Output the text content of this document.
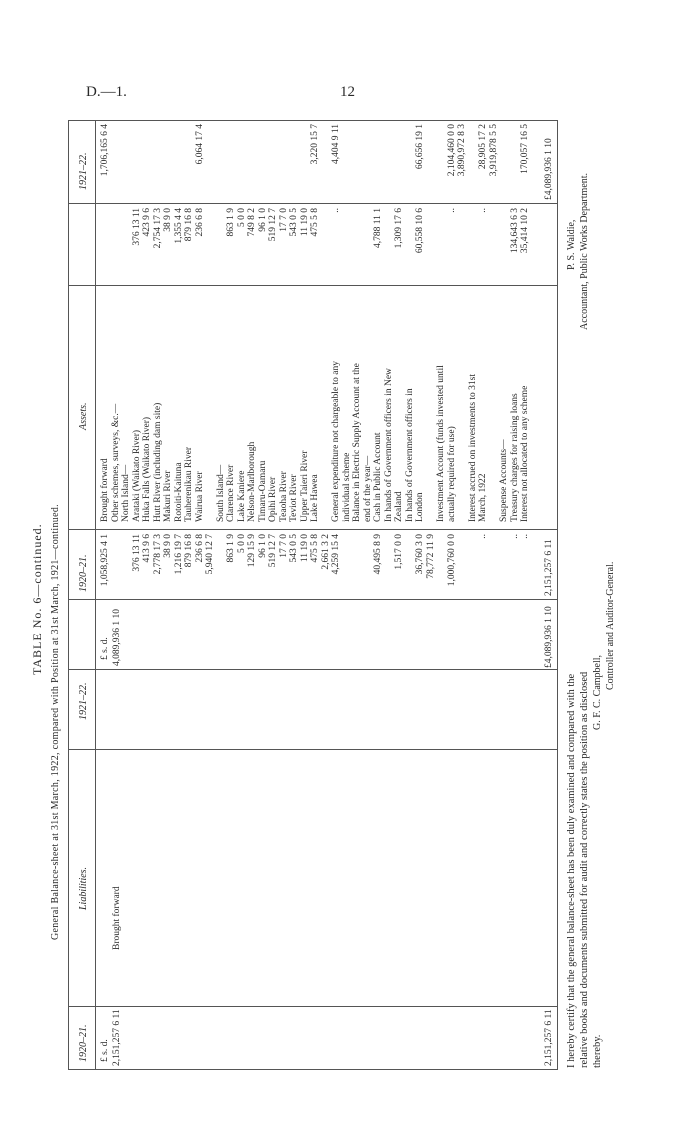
D.—1.	12
TABLE No. 6—continued. General Balance-sheet at 31st March, 1922, compared with Position at 31st March, 1921—continued.
1920–21.
Liabilities.
1921–22.
£ s. d.
£ s. d.
2,151,257 6 11
Brought forward
4,089,936 1 10
2,151,257 6 11
£4,089,936 1 10
1920–21.
Assets.
1921–22.
1,058,925 4 1
Brought forward
1,706,165 6 4
Other schemes, surveys, &c.— North Island—
376 13 11
Arataki (Waikato River)
376 13 11
413 9 6
Huka Falls (Waikato River)
423 9 6
2,778 17 3
Hutt River (including dam site)
2,754 17 3
38 9 0
Makuri River
38 9 0
1,216 19 7
Rotoiti-Kaituna
1,355 4 4
879 16 8
Tauherenikau River
879 16 8
236 6 8
Wairua River
236 6 8
6,064 17 4
5,940 12 7
South Island—
863 1 9
Clarence River
863 1 9
5 0 0
Lake Kaniere
5 0 0
129 15 9
Nelson-Marlborough
749 8 2
96 1 0
Timaru-Oamaru
96 1 0
519 12 7
Opihi River
519 12 7
17 7 0
Teaoha River
17 7 0
543 0 5
Teviot River
543 0 5
11 19 0
Upper Taieri River
11 19 0
475 5 8
Lake Hawea
475 5 8
3,220 15 7
2,661 3 2 4,259 15 4
General expenditure not chargeable to any
..
4,404 9 11
individual scheme Balance in Electric Supply Account at the end of the year—
40,495 8 9
Cash in Public Account
4,788 11 1
In hands of Government officers in New
1,517 0 0
Zealand
1,309 17 6
In hands of Government officers in
36,760 3 0
London
60,558 10 6
66,656 19 1
78,772 11 9
Investment Account (funds invested until
1,000,760 0 0
actually required for use)
..
2,104,460 0 0 3,890,972 8 3
Interest accrued on investments to 31st
..
March, 1922
..
28,905 17 2 3,919,878 5 5
Suspense Accounts—
..
Treasury charges for raising loans
134,643 6 3
..
Interest not allocated to any scheme
35,414 10 2
170,057 16 5
2,151,257 6 11
£4,089,936 1 10
I hereby certify that the general balance-sheet has been duly examined and compared with the relative books and documents submitted for audit and correctly states the position as disclosed thereby.
G. F. C. Campbell,
Controller and Auditor-General.
P. S. Waldie, Accountant, Public Works Department.
